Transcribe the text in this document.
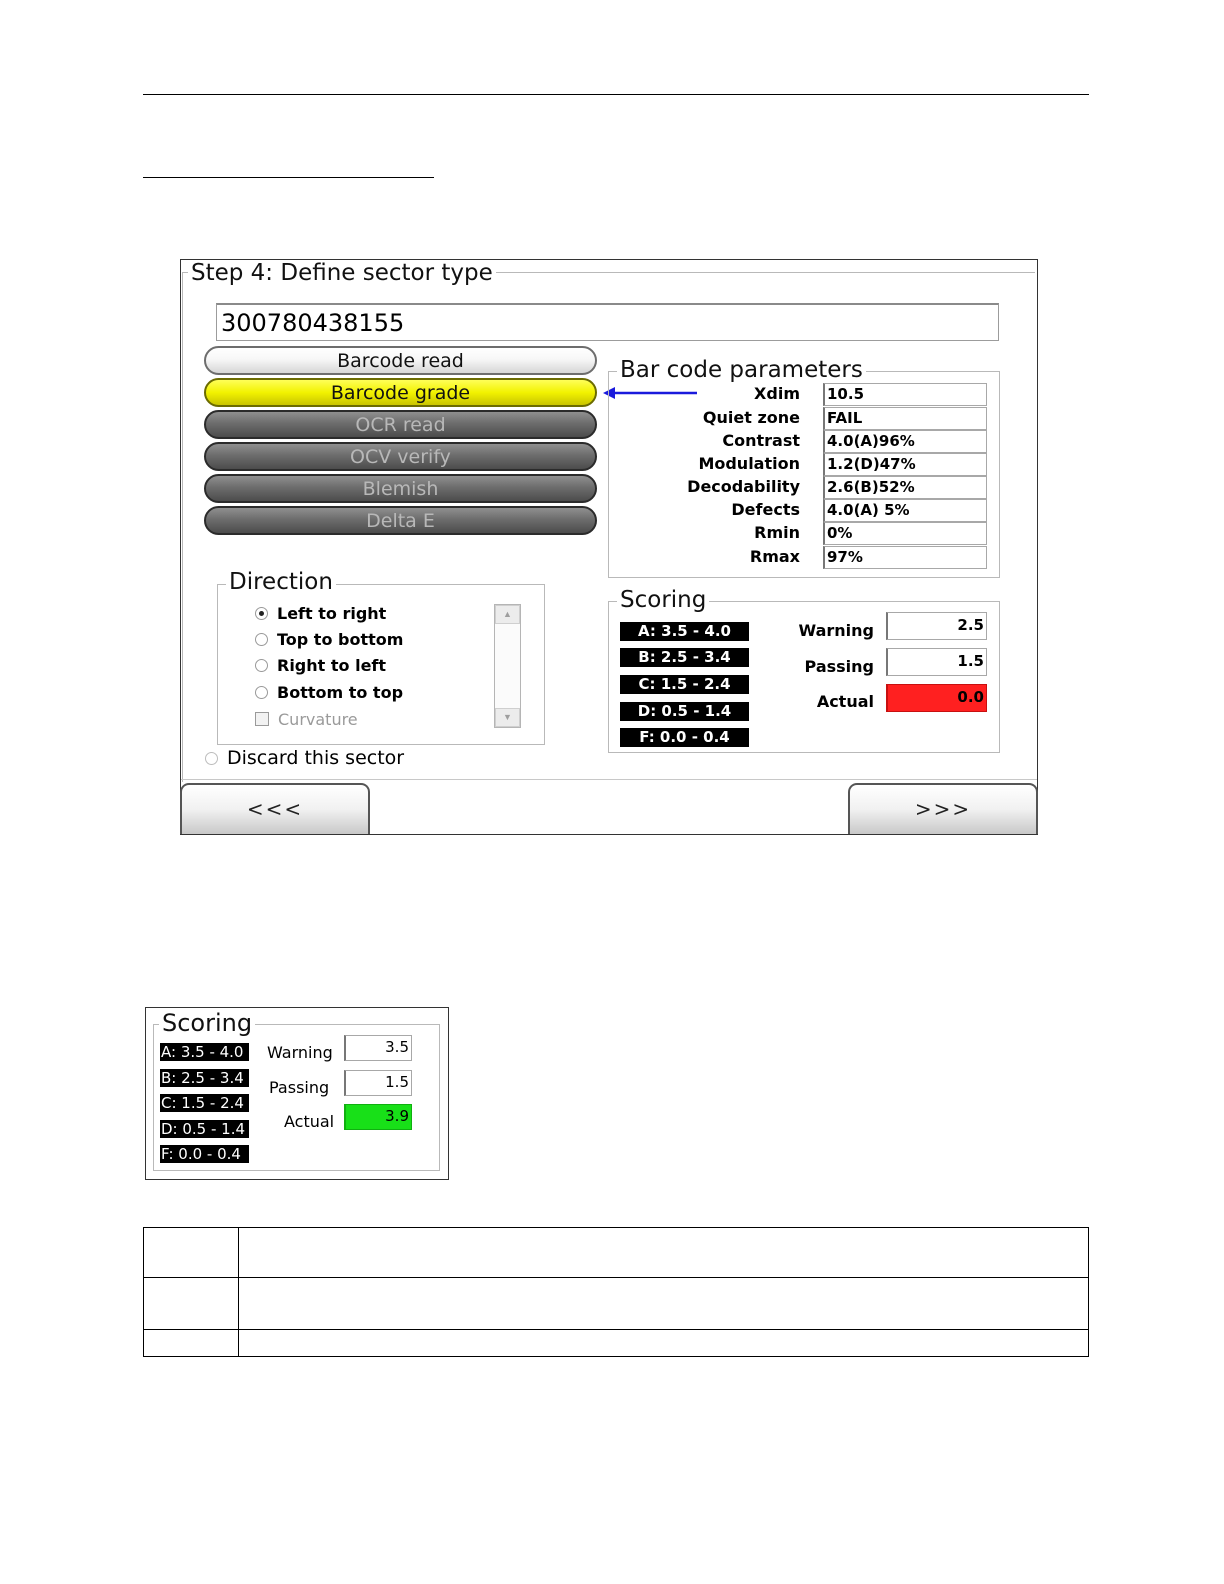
Step 4: Define sector type
300780438155
Barcode read
Barcode grade
OCR read
OCV verify
Blemish
Delta E
Bar code parameters
Xdim 10.5
Quiet zone FAIL
Contrast 4.0(A)96%
Modulation 1.2(D)47%
Decodability 2.6(B)52%
Defects 4.0(A) 5%
Rmin 0%
Rmax 97%
Direction
Left to right
Top to bottom
Right to left
Bottom to top
Curvature
▲
▼
Discard this sector
Scoring
A: 3.5 - 4.0
B: 2.5 - 3.4
C: 1.5 - 2.4
D: 0.5 - 1.4
F: 0.0 - 0.4
Warning	2.5
Passing	1.5
Actual	0.0
<<<	>>>
Scoring
A: 3.5 - 4.0
B: 2.5 - 3.4
C: 1.5 - 2.4
D: 0.5 - 1.4
F: 0.0 - 0.4
Warning	3.5
Passing	1.5
Actual	3.9
